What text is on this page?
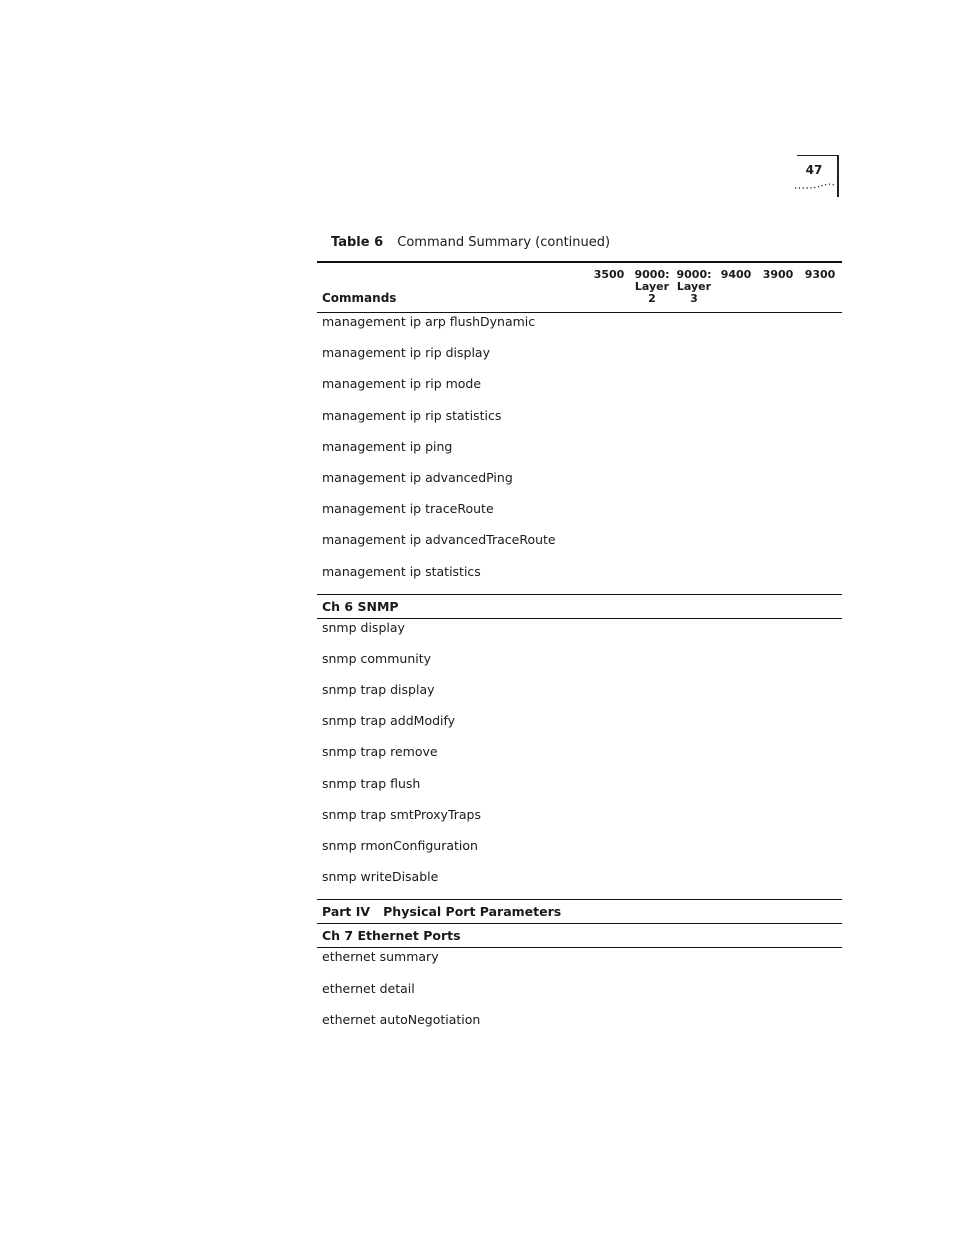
47
Table 6 Command Summary (continued)
Commands
3500 9000:
Layer
2
9000:
Layer
3
9400	3900	9300
management ip arp flushDynamic
management ip rip display
management ip rip mode
management ip rip statistics
management ip ping
management ip advancedPing
management ip traceRoute
management ip advancedTraceRoute
management ip statistics
Ch 6 SNMP
snmp display
snmp community
snmp trap display
snmp trap addModify
snmp trap remove
snmp trap flush
snmp trap smtProxyTraps
snmp rmonConfiguration
snmp writeDisable
Part IV   Physical Port Parameters
Ch 7 Ethernet Ports
ethernet summary
ethernet detail
ethernet autoNegotiation
